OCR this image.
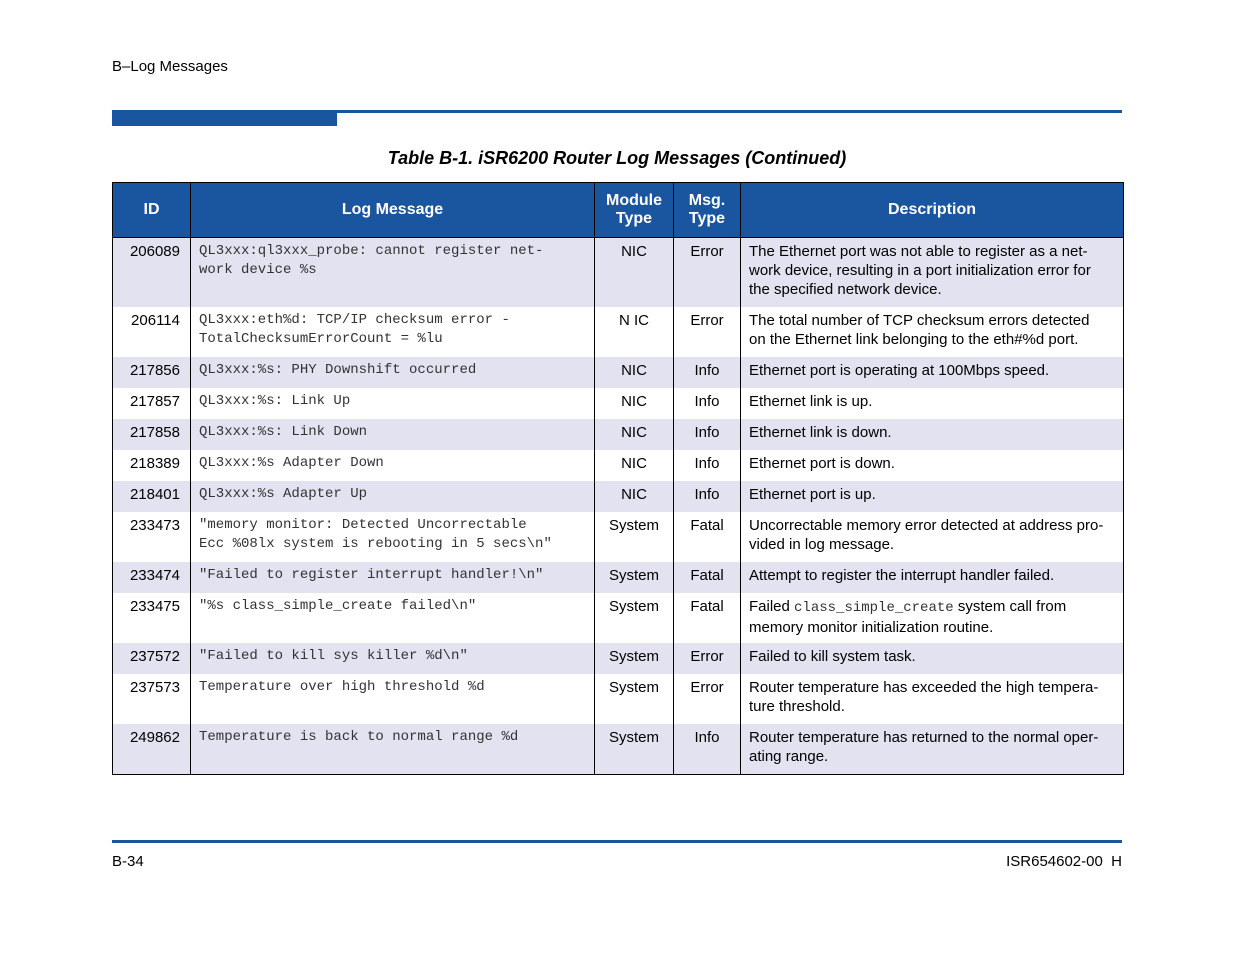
B–Log Messages
Table B-1. iSR6200 Router Log Messages (Continued)
ID	Log Message	Module Type	Msg. Type	Description
206089	QL3xxx:ql3xxx_probe: cannot register net-
work device %s	NIC	Error	The Ethernet port was not able to register as a net-
work device, resulting in a port initialization error for
the specified network device.
206114	QL3xxx:eth%d: TCP/IP checksum error -
TotalChecksumErrorCount = %lu	N IC	Error	The total number of TCP checksum errors detected
on the Ethernet link belonging to the eth#%d port.
217856	QL3xxx:%s: PHY Downshift occurred	NIC	Info	Ethernet port is operating at 100Mbps speed.
217857	QL3xxx:%s: Link Up	NIC	Info	Ethernet link is up.
217858	QL3xxx:%s: Link Down	NIC	Info	Ethernet link is down.
218389	QL3xxx:%s Adapter Down	NIC	Info	Ethernet port is down.
218401	QL3xxx:%s Adapter Up	NIC	Info	Ethernet port is up.
233473	"memory monitor: Detected Uncorrectable
Ecc %08lx system is rebooting in 5 secs\n"	System	Fatal	Uncorrectable memory error detected at address pro-
vided in log message.
233474	"Failed to register interrupt handler!\n"	System	Fatal	Attempt to register the interrupt handler failed.
233475	"%s class_simple_create failed\n"	System	Fatal	Failed class_simple_create system call from memory monitor initialization routine.
237572	"Failed to kill sys killer %d\n"	System	Error	Failed to kill system task.
237573	Temperature over high threshold %d	System	Error	Router temperature has exceeded the high tempera-
ture threshold.
249862	Temperature is back to normal range %d	System	Info	Router temperature has returned to the normal oper-
ating range.
B-34	ISR654602-00  H
